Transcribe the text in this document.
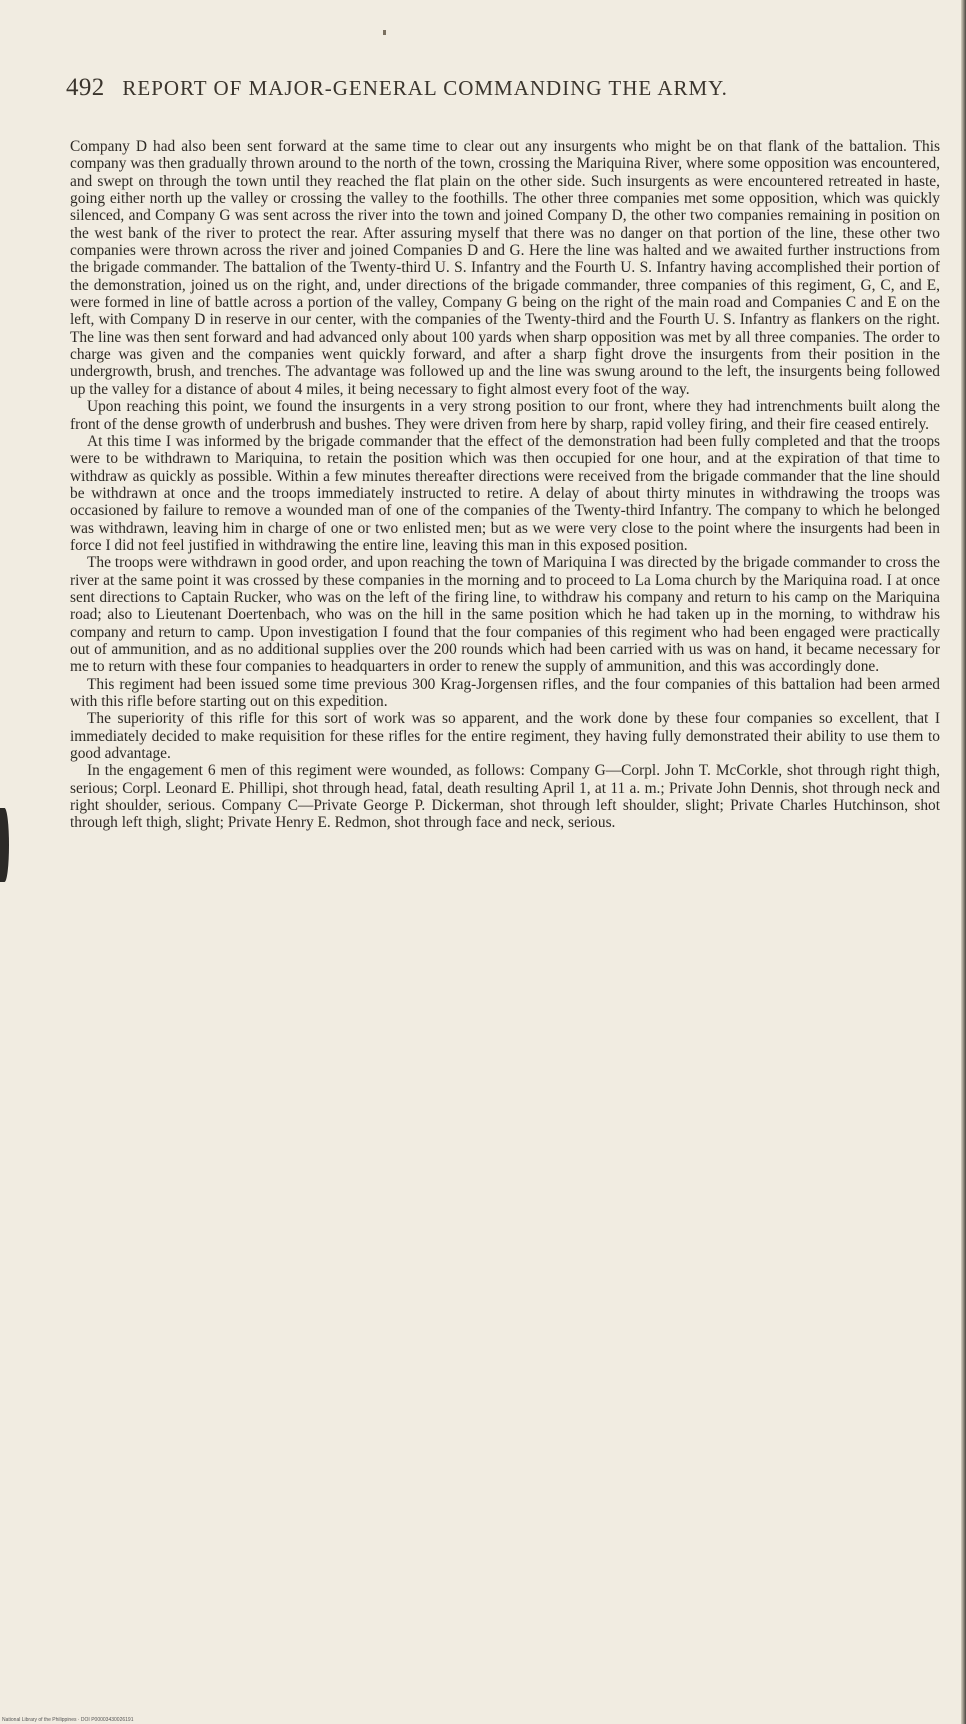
492 REPORT OF MAJOR-GENERAL COMMANDING THE ARMY.

Company D had also been sent forward at the same time to clear out any insurgents who might be on that flank of the battalion. This company was then gradually thrown around to the north of the town, crossing the Mariquina River, where some opposition was encountered, and swept on through the town until they reached the flat plain on the other side. Such insurgents as were encountered retreated in haste, going either north up the valley or crossing the valley to the foothills. The other three companies met some opposition, which was quickly silenced, and Company G was sent across the river into the town and joined Company D, the other two companies remaining in position on the west bank of the river to protect the rear. After assuring myself that there was no danger on that portion of the line, these other two companies were thrown across the river and joined Companies D and G. Here the line was halted and we awaited further instructions from the brigade commander. The battalion of the Twenty-third U. S. Infantry and the Fourth U. S. Infantry having accomplished their portion of the demonstration, joined us on the right, and, under directions of the brigade commander, three companies of this regiment, G, C, and E, were formed in line of battle across a portion of the valley, Company G being on the right of the main road and Companies C and E on the left, with Company D in reserve in our center, with the companies of the Twenty-third and the Fourth U. S. Infantry as flankers on the right. The line was then sent forward and had advanced only about 100 yards when sharp opposition was met by all three companies. The order to charge was given and the companies went quickly forward, and after a sharp fight drove the insurgents from their position in the undergrowth, brush, and trenches. The advantage was followed up and the line was swung around to the left, the insurgents being followed up the valley for a distance of about 4 miles, it being necessary to fight almost every foot of the way.

Upon reaching this point, we found the insurgents in a very strong position to our front, where they had intrenchments built along the front of the dense growth of underbrush and bushes. They were driven from here by sharp, rapid volley firing, and their fire ceased entirely.

At this time I was informed by the brigade commander that the effect of the demonstration had been fully completed and that the troops were to be withdrawn to Mariquina, to retain the position which was then occupied for one hour, and at the expiration of that time to withdraw as quickly as possible. Within a few minutes thereafter directions were received from the brigade commander that the line should be withdrawn at once and the troops immediately instructed to retire. A delay of about thirty minutes in withdrawing the troops was occasioned by failure to remove a wounded man of one of the companies of the Twenty-third Infantry. The company to which he belonged was withdrawn, leaving him in charge of one or two enlisted men; but as we were very close to the point where the insurgents had been in force I did not feel justified in withdrawing the entire line, leaving this man in this exposed position.

The troops were withdrawn in good order, and upon reaching the town of Mariquina I was directed by the brigade commander to cross the river at the same point it was crossed by these companies in the morning and to proceed to La Loma church by the Mariquina road. I at once sent directions to Captain Rucker, who was on the left of the firing line, to withdraw his company and return to his camp on the Mariquina road; also to Lieutenant Doertenbach, who was on the hill in the same position which he had taken up in the morning, to withdraw his company and return to camp. Upon investigation I found that the four companies of this regiment who had been engaged were practically out of ammunition, and as no additional supplies over the 200 rounds which had been carried with us was on hand, it became necessary for me to return with these four companies to headquarters in order to renew the supply of ammunition, and this was accordingly done.

This regiment had been issued some time previous 300 Krag-Jorgensen rifles, and the four companies of this battalion had been armed with this rifle before starting out on this expedition.

The superiority of this rifle for this sort of work was so apparent, and the work done by these four companies so excellent, that I immediately decided to make requisition for these rifles for the entire regiment, they having fully demonstrated their ability to use them to good advantage.

In the engagement 6 men of this regiment were wounded, as follows: Company G—Corpl. John T. McCorkle, shot through right thigh, serious; Corpl. Leonard E. Phillipi, shot through head, fatal, death resulting April 1, at 11 a. m.; Private John Dennis, shot through neck and right shoulder, serious. Company C—Private George P. Dickerman, shot through left shoulder, slight; Private Charles Hutchinson, shot through left thigh, slight; Private Henry E. Redmon, shot through face and neck, serious.

National Library of the Philippines · DOI P00003430026191
